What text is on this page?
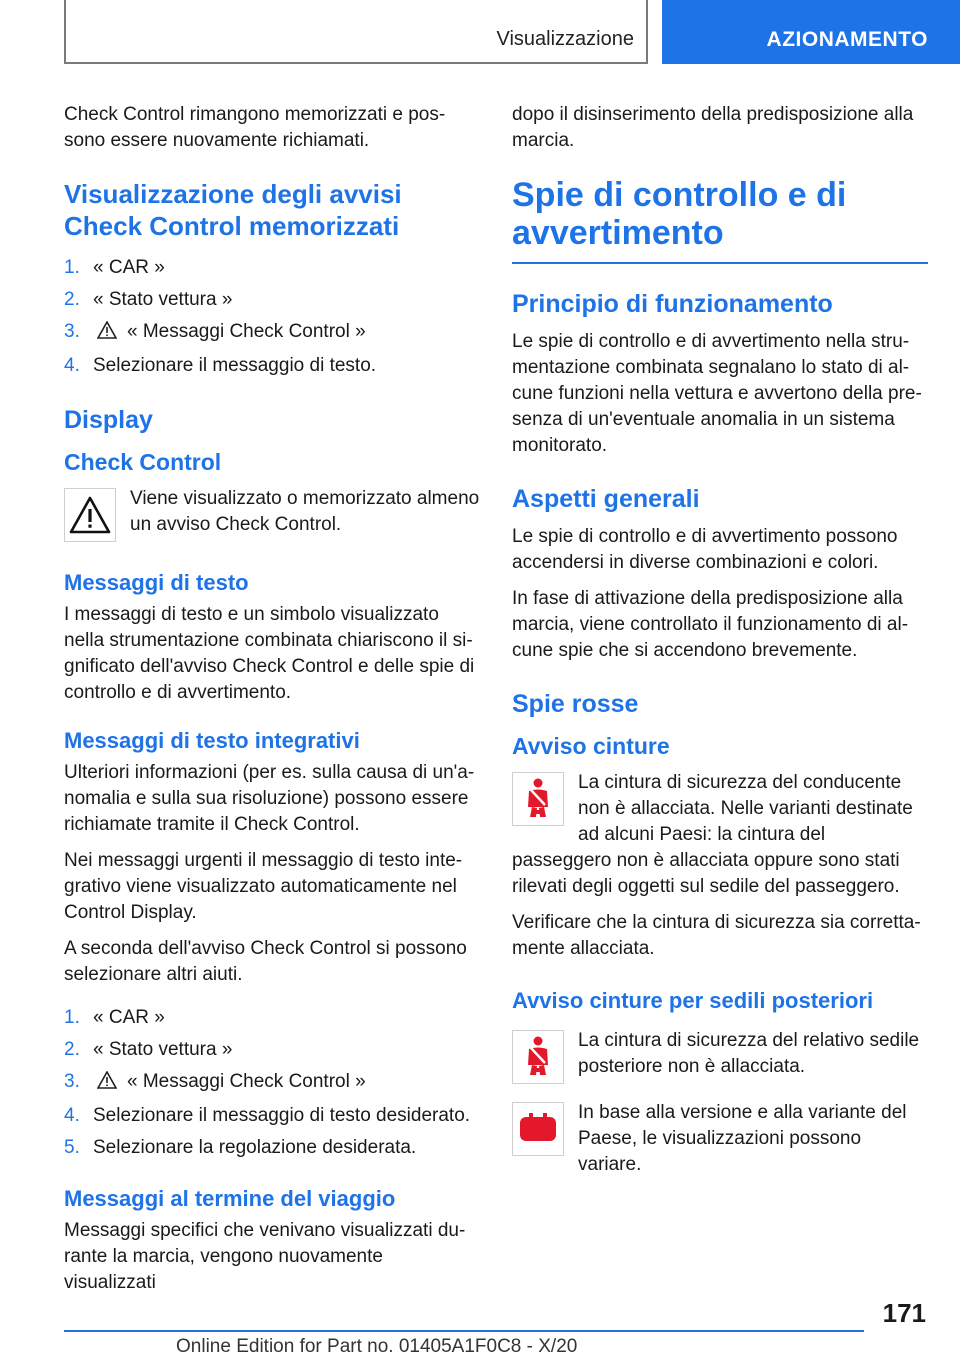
Visualizzazione	AZIONAMENTO

Check Control rimangono memorizzati e pos-sono essere nuovamente richiamati.

Visualizzazione degli avvisi Check Control memorizzati
1. « CAR »
2. « Stato vettura »
3. « Messaggi Check Control »
4. Selezionare il messaggio di testo.
Display
Check Control

Viene visualizzato o memorizzato almeno un avviso Check Control.

Messaggi di testo

I messaggi di testo e un simbolo visualizzato nella strumentazione combinata chiariscono il si-gnificato dell'avviso Check Control e delle spie di controllo e di avvertimento.

Messaggi di testo integrativi

Ulteriori informazioni (per es. sulla causa di un'a-nomalia e sulla sua risoluzione) possono essere richiamate tramite il Check Control.

Nei messaggi urgenti il messaggio di testo inte-grativo viene visualizzato automaticamente nel Control Display.

A seconda dell'avviso Check Control si possono selezionare altri aiuti.

1. « CAR »
2. « Stato vettura »
3. « Messaggi Check Control »
4. Selezionare il messaggio di testo desiderato.
5. Selezionare la regolazione desiderata.
Messaggi al termine del viaggio

Messaggi specifici che venivano visualizzati du-rante la marcia, vengono nuovamente visualizzati

dopo il disinserimento della predisposizione alla marcia.

Spie di controllo e di avvertimento
Principio di funzionamento

Le spie di controllo e di avvertimento nella stru-mentazione combinata segnalano lo stato di al-cune funzioni nella vettura e avvertono della pre-senza di un'eventuale anomalia in un sistema monitorato.

Aspetti generali

Le spie di controllo e di avvertimento possono accendersi in diverse combinazioni e colori.

In fase di attivazione della predisposizione alla marcia, viene controllato il funzionamento di al-cune spie che si accendono brevemente.

Spie rosse
Avviso cinture

La cintura di sicurezza del conducente non è allacciata. Nelle varianti destinate ad alcuni Paesi: la cintura del passeggero non è allacciata oppure sono stati rilevati degli oggetti sul sedile del passeggero.

Verificare che la cintura di sicurezza sia corretta-mente allacciata.

Avviso cinture per sedili posteriori

La cintura di sicurezza del relativo sedile posteriore non è allacciata.

In base alla versione e alla variante del Paese, le visualizzazioni possono variare.

171
Online Edition for Part no. 01405A1F0C8 - X/20
